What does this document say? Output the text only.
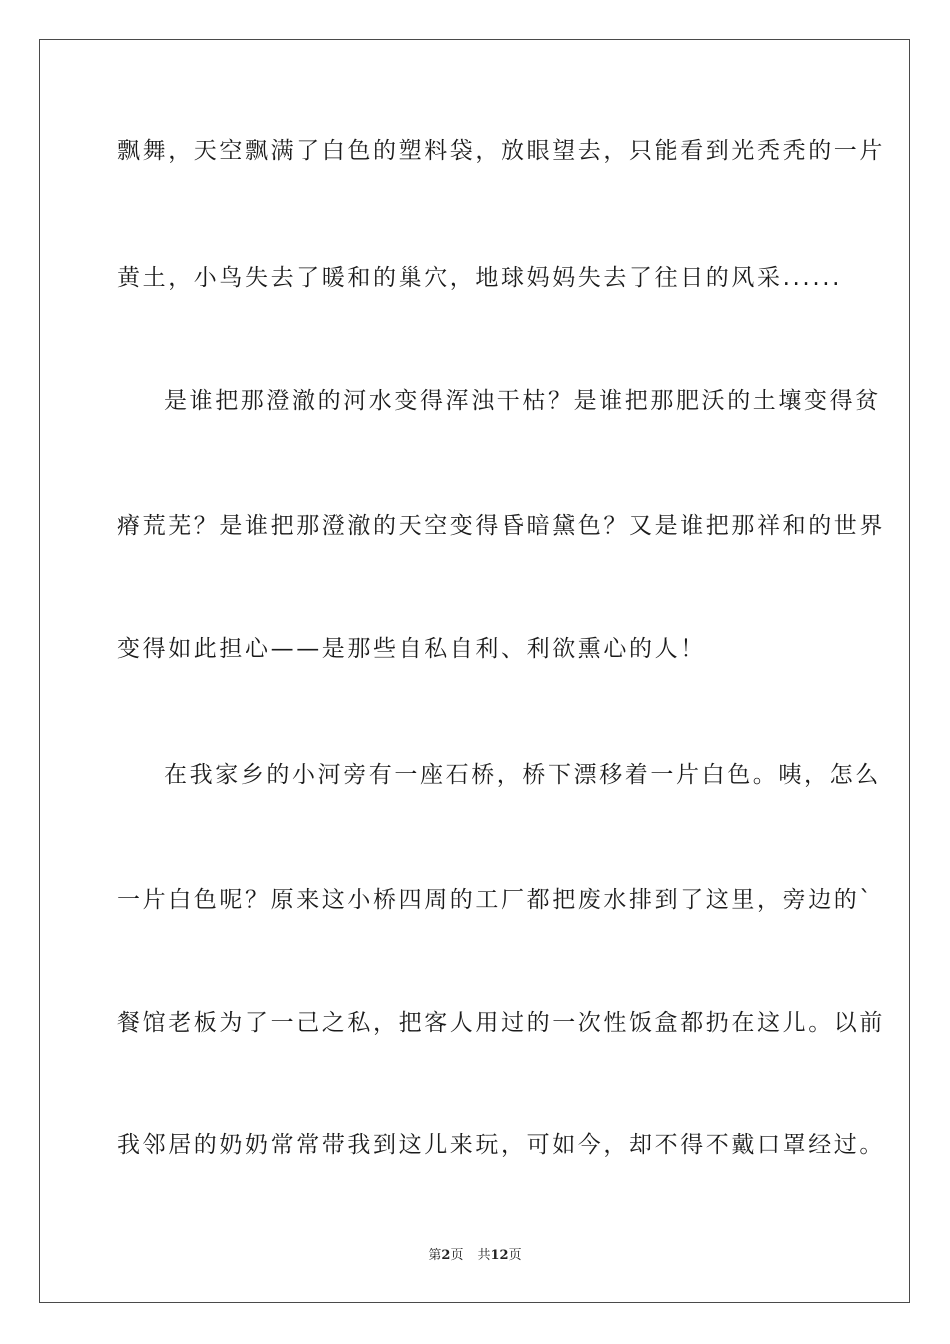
飘舞，天空飘满了白色的塑料袋，放眼望去，只能看到光秃秃的一片
黄土，小鸟失去了暖和的巢穴，地球妈妈失去了往日的风采......
是谁把那澄澈的河水变得浑浊干枯？是谁把那肥沃的土壤变得贫
瘠荒芜？是谁把那澄澈的天空变得昏暗黛色？又是谁把那祥和的世界
变得如此担心——是那些自私自利、利欲熏心的人！
在我家乡的小河旁有一座石桥，桥下漂移着一片白色。咦，怎么
一片白色呢？原来这小桥四周的工厂都把废水排到了这里，旁边的`
餐馆老板为了一己之私，把客人用过的一次性饭盒都扔在这儿。以前
我邻居的奶奶常常带我到这儿来玩，可如今，却不得不戴口罩经过。
第2页 共12页
